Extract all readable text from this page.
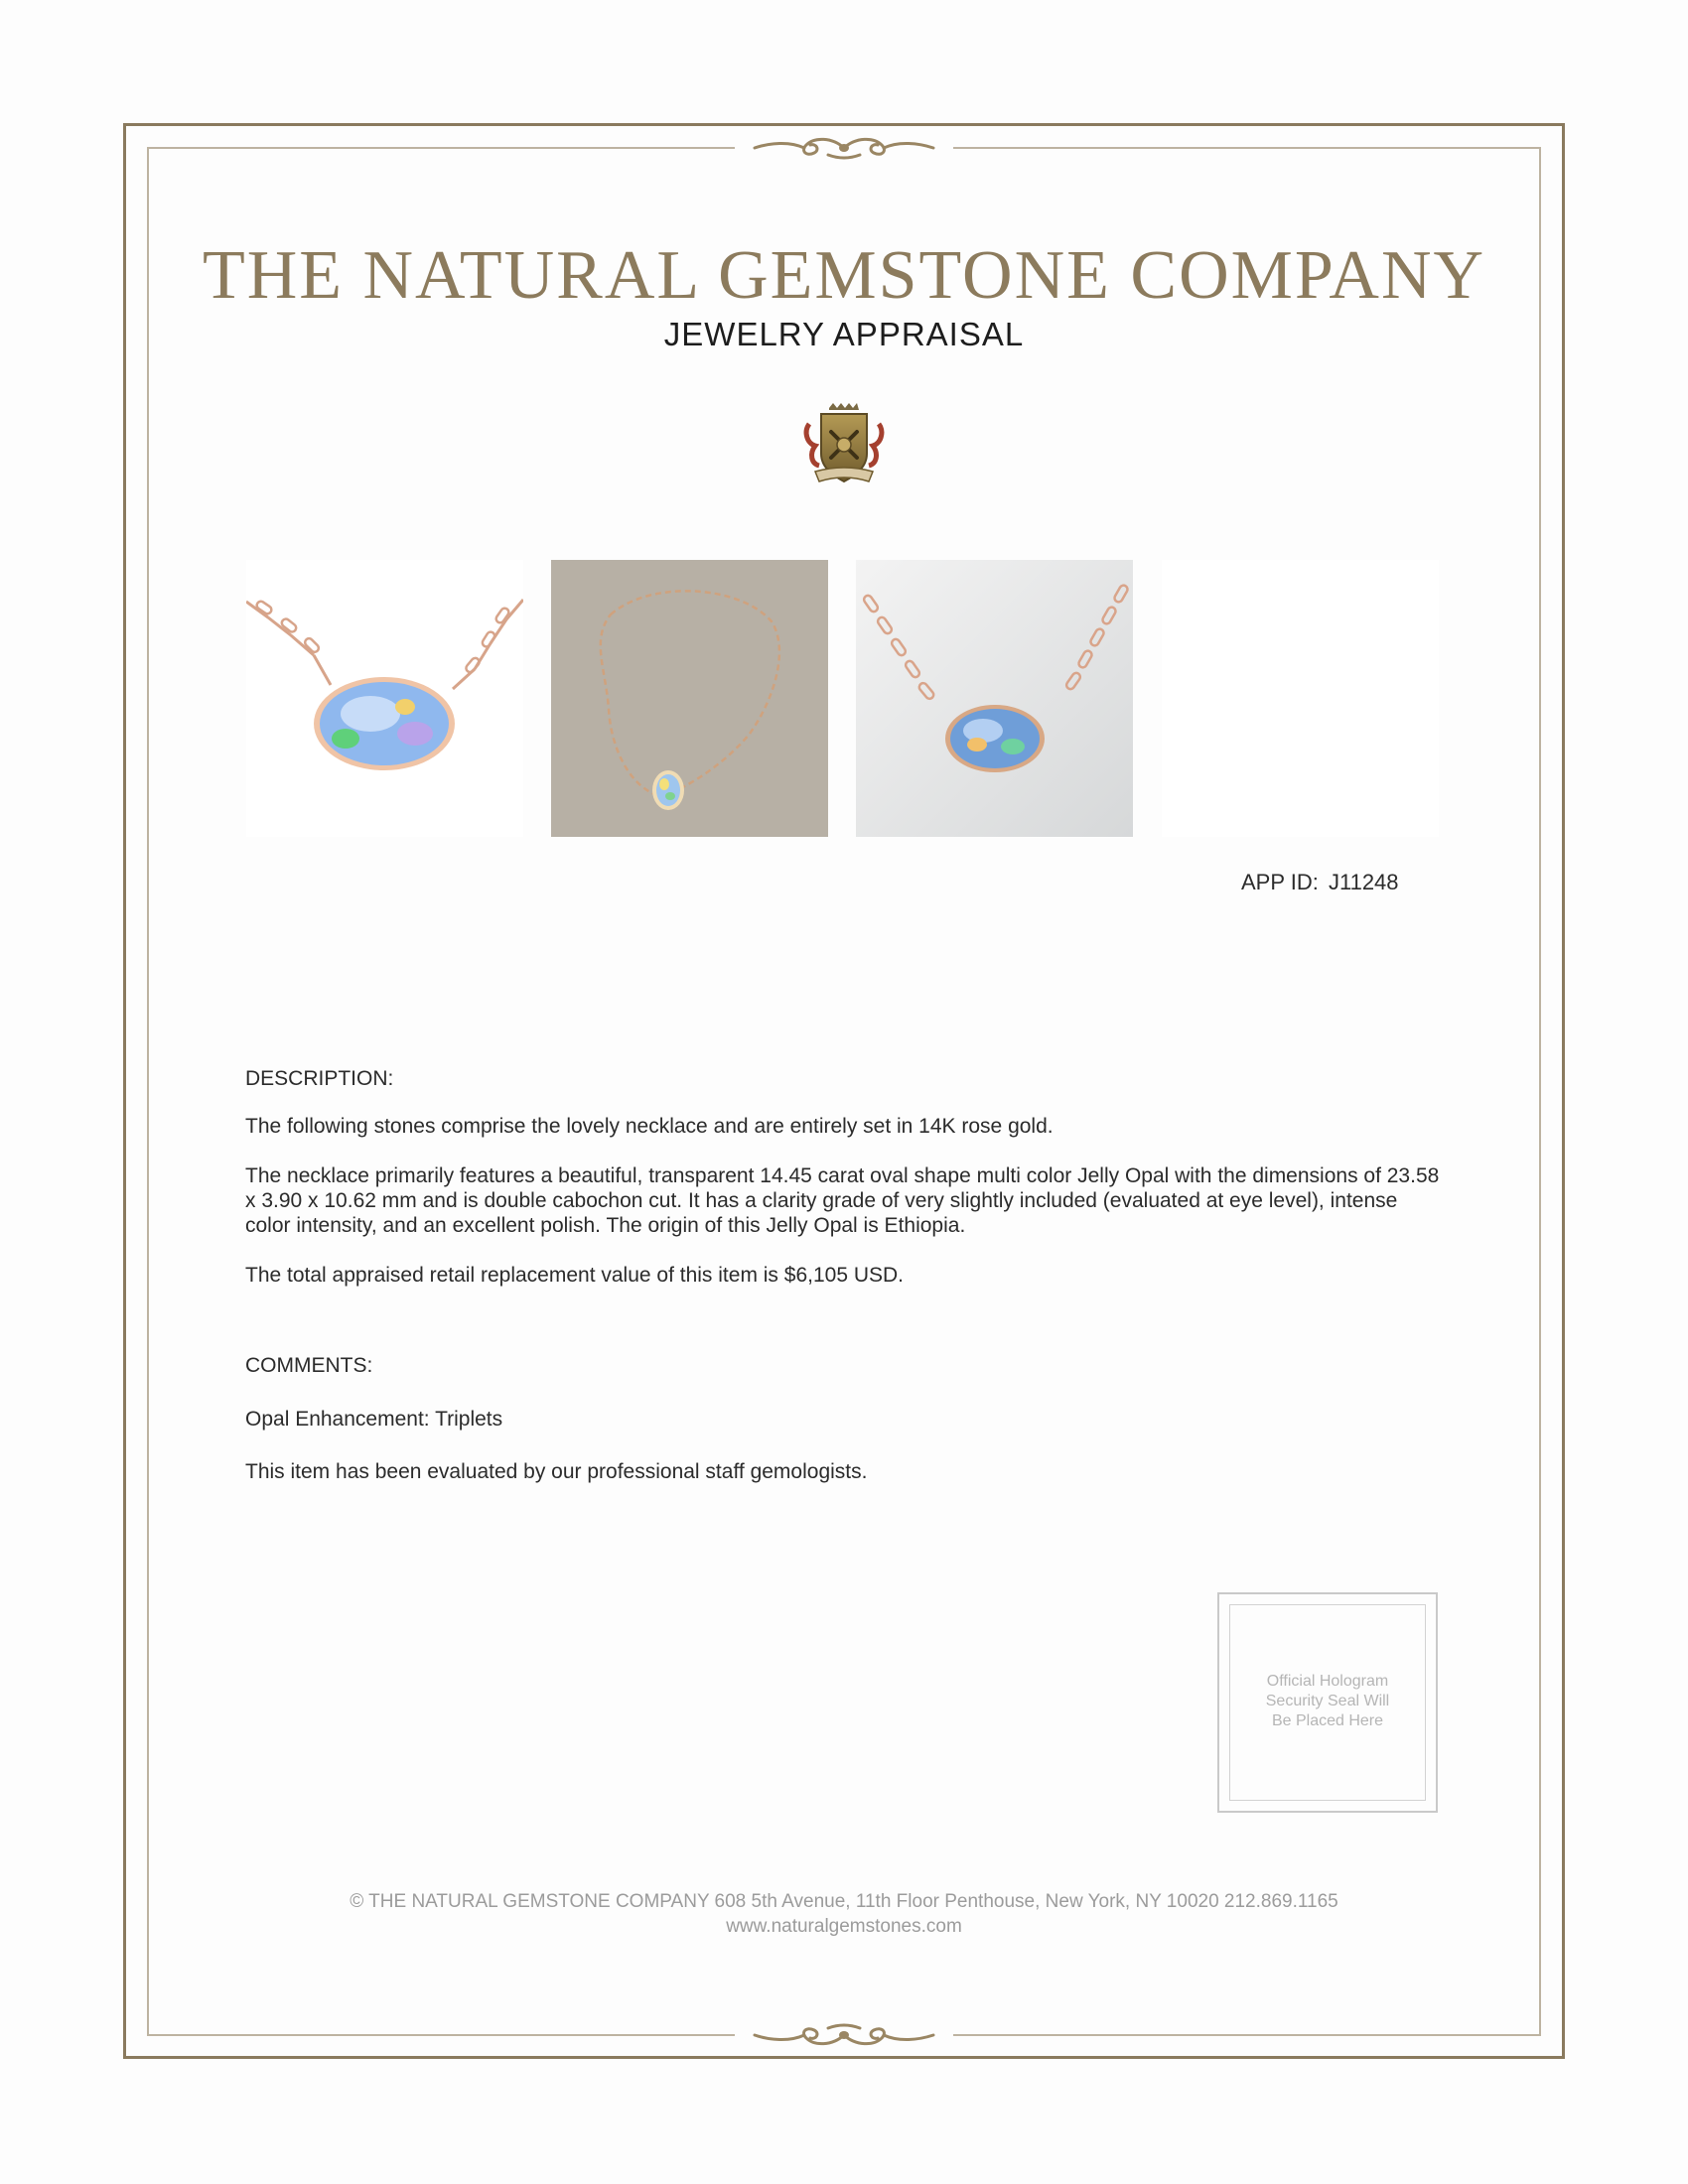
THE NATURAL GEMSTONE COMPANY
JEWELRY APPRAISAL
APP ID: J11248
DESCRIPTION:

The following stones comprise the lovely necklace and are entirely set in 14K rose gold.

The necklace primarily features a beautiful, transparent 14.45 carat oval shape multi color Jelly Opal with the dimensions of 23.58 x 3.90 x 10.62 mm and is double cabochon cut. It has a clarity grade of very slightly included (evaluated at eye level), intense color intensity, and an excellent polish. The origin of this Jelly Opal is Ethiopia.

The total appraised retail replacement value of this item is $6,105 USD.

COMMENTS:
Opal Enhancement: Triplets
This item has been evaluated by our professional staff gemologists.
Official Hologram
Security Seal Will
Be Placed Here
© THE NATURAL GEMSTONE COMPANY 608 5th Avenue, 11th Floor Penthouse, New York, NY 10020 212.869.1165
www.naturalgemstones.com
